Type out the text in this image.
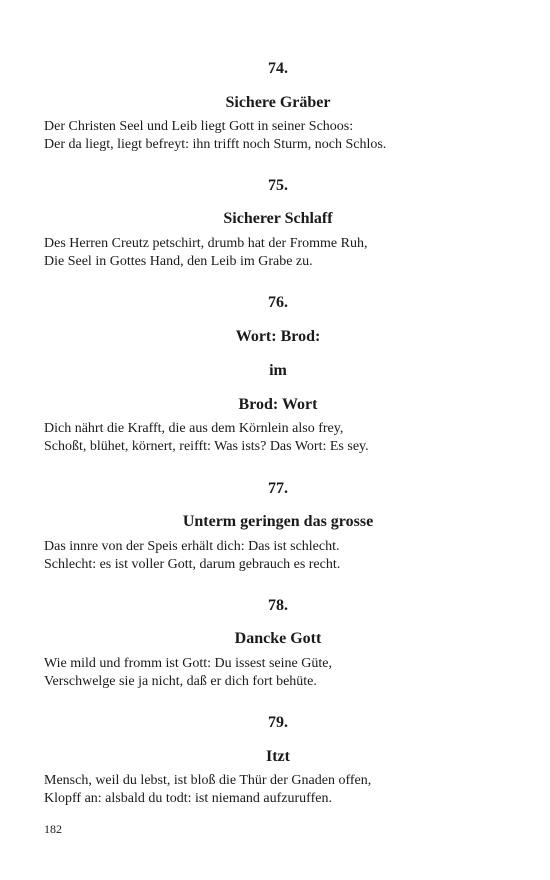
74.
Sichere Gräber
Der Christen Seel und Leib liegt Gott in seiner Schoos:
Der da liegt, liegt befreyt: ihn trifft noch Sturm, noch Schlos.
75.
Sicherer Schlaff
Des Herren Creutz petschirt, drumb hat der Fromme Ruh,
Die Seel in Gottes Hand, den Leib im Grabe zu.
76.
Wort: Brod:
im
Brod: Wort
Dich nährt die Krafft, die aus dem Körnlein also frey,
Schoßt, blühet, körnert, reifft: Was ists? Das Wort: Es sey.
77.
Unterm geringen das grosse
Das innre von der Speis erhält dich: Das ist schlecht.
Schlecht: es ist voller Gott, darum gebrauch es recht.
78.
Dancke Gott
Wie mild und fromm ist Gott: Du issest seine Güte,
Verschwelge sie ja nicht, daß er dich fort behüte.
79.
Itzt
Mensch, weil du lebst, ist bloß die Thür der Gnaden offen,
Klopff an: alsbald du todt: ist niemand aufzuruffen.
182
